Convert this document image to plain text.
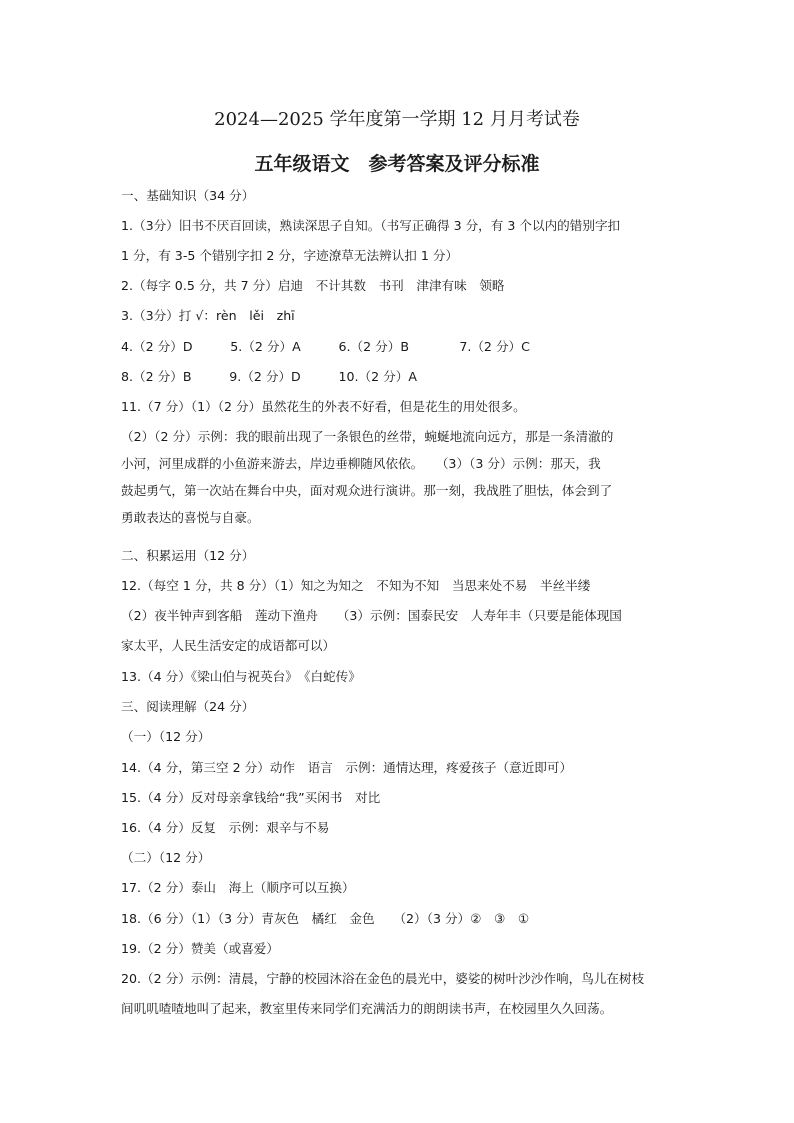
2024—2025 学年度第一学期 12 月月考试卷
五年级语文　参考答案及评分标准
一、基础知识（34 分）
1.（3分）旧书不厌百回读，熟读深思子自知。（书写正确得 3 分，有 3 个以内的错别字扣
1 分，有 3-5 个错别字扣 2 分，字迹潦草无法辨认扣 1 分）
2.（每字 0.5 分，共 7 分）启迪　不计其数　书刊　津津有味　领略
3.（3分）打 √：rèn　lěi　zhī
4.（2 分）D　　　5.（2 分）A　　　6.（2 分）B　　　　7.（2 分）C
8.（2 分）B　　　9.（2 分）D　　　10.（2 分）A
11.（7 分）（1）（2 分）虽然花生的外表不好看，但是花生的用处很多。
（2）（2 分）示例：我的眼前出现了一条银色的丝带，蜿蜒地流向远方，那是一条清澈的
小河，河里成群的小鱼游来游去，岸边垂柳随风依依。　　（3）（3 分）示例：那天，我
鼓起勇气，第一次站在舞台中央，面对观众进行演讲。那一刻，我战胜了胆怯，体会到了
勇敢表达的喜悦与自豪。
二、积累运用（12 分）
12.（每空 1 分，共 8 分）（1）知之为知之　不知为不知　当思来处不易　半丝半缕
（2）夜半钟声到客船　莲动下渔舟　　（3）示例：国泰民安　人寿年丰（只要是能体现国
家太平，人民生活安定的成语都可以）
13.（4 分）《梁山伯与祝英台》　《白蛇传》
三、阅读理解（24 分）
（一）（12 分）
14.（4 分，第三空 2 分）动作　语言　示例：通情达理，疼爱孩子（意近即可）
15.（4 分）反对母亲拿钱给“我”买闲书　对比
16.（4 分）反复　示例：艰辛与不易
（二）（12 分）
17.（2 分）泰山　海上（顺序可以互换）
18.（6 分）（1）（3 分）青灰色　橘红　金色　　（2）（3 分）②　③　①
19.（2 分）赞美（或喜爱）
20.（2 分）示例：清晨，宁静的校园沐浴在金色的晨光中，婆娑的树叶沙沙作响，鸟儿在树枝
间叽叽喳喳地叫了起来，教室里传来同学们充满活力的朗朗读书声，在校园里久久回荡。
